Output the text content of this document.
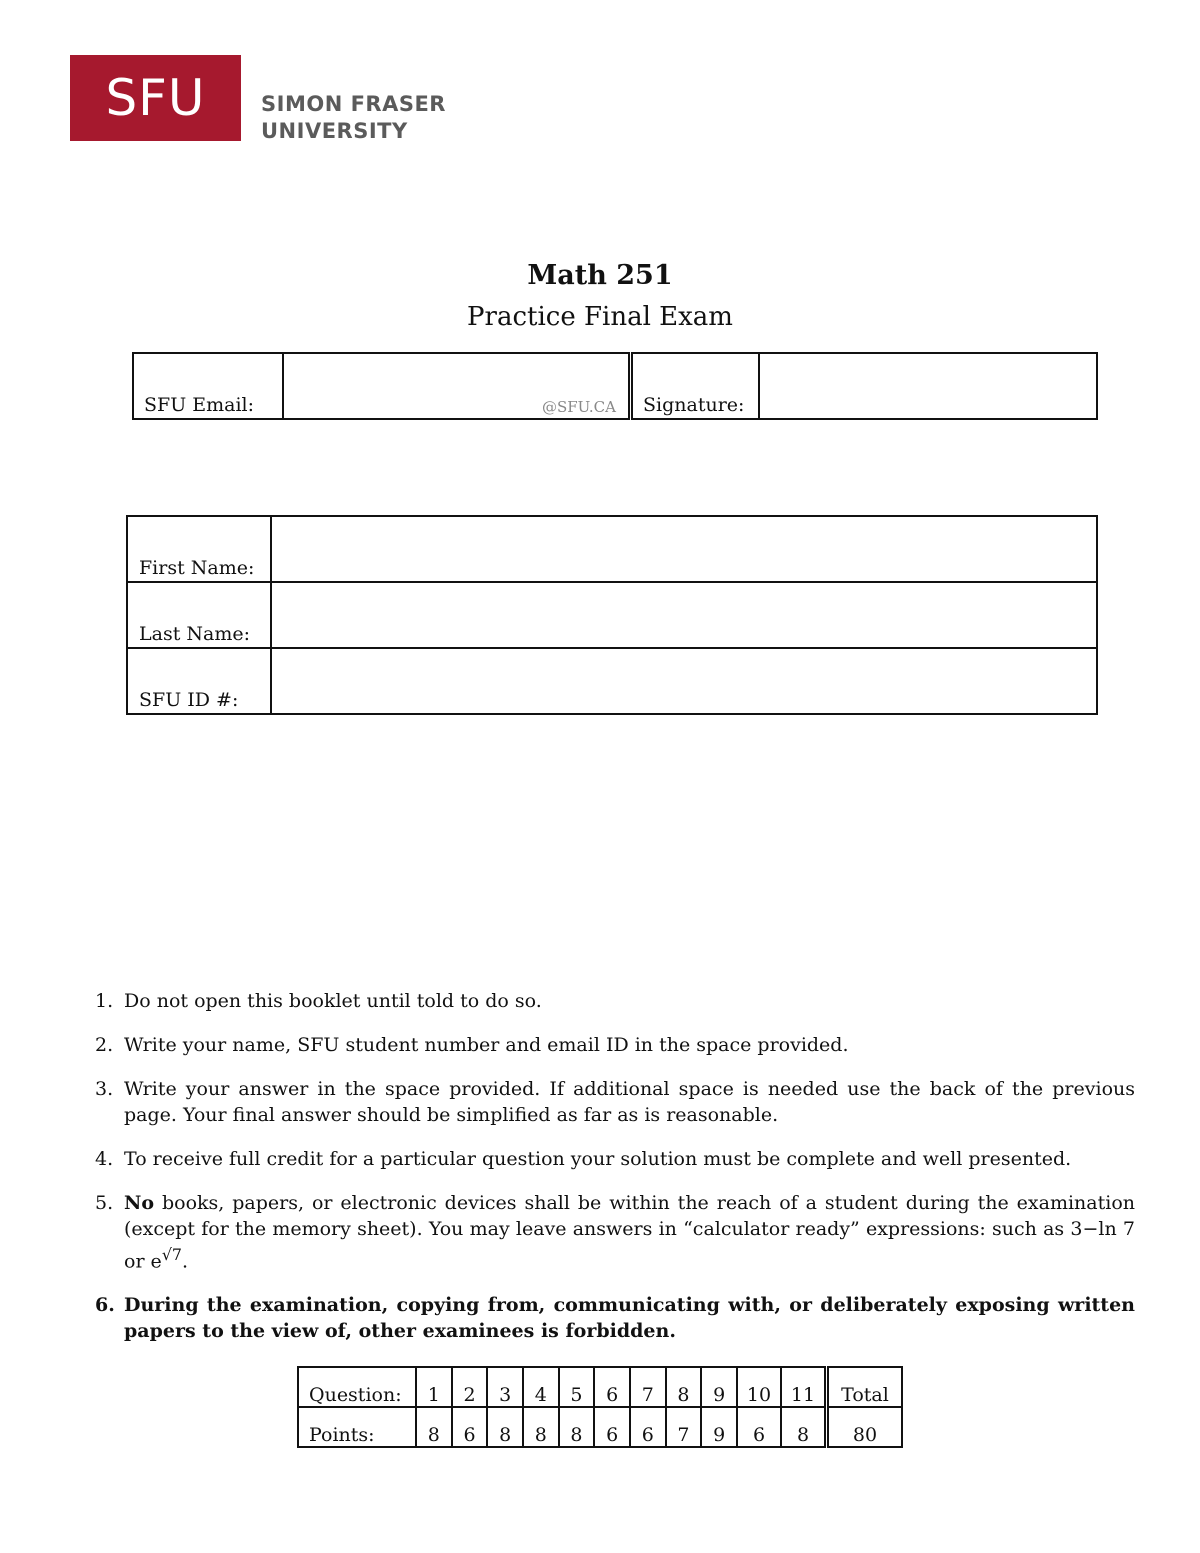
SFU	SIMON FRASER
UNIVERSITY
Math 251
Practice Final Exam
SFU Email:	@SFU.CA	Signature:	
First Name:	
Last Name:	
SFU ID #:	
1. Do not open this booklet until told to do so.
2. Write your name, SFU student number and email ID in the space provided.
3. Write your answer in the space provided. If additional space is needed use the back of the previous page. Your final answer should be simplified as far as is reasonable.
4. To receive full credit for a particular question your solution must be complete and well presented.
5. No books, papers, or electronic devices shall be within the reach of a student during the examination (except for the memory sheet). You may leave answers in “calculator ready” expressions: such as 3−ln 7 or $e^{√7}$.
6. During the examination, copying from, communicating with, or deliberately exposing written papers to the view of, other examinees is forbidden.
Question:	1	2	3	4	5	6	7	8	9	10	11	Total
Points:	8	6	8	8	8	6	6	7	9	6	8	80
